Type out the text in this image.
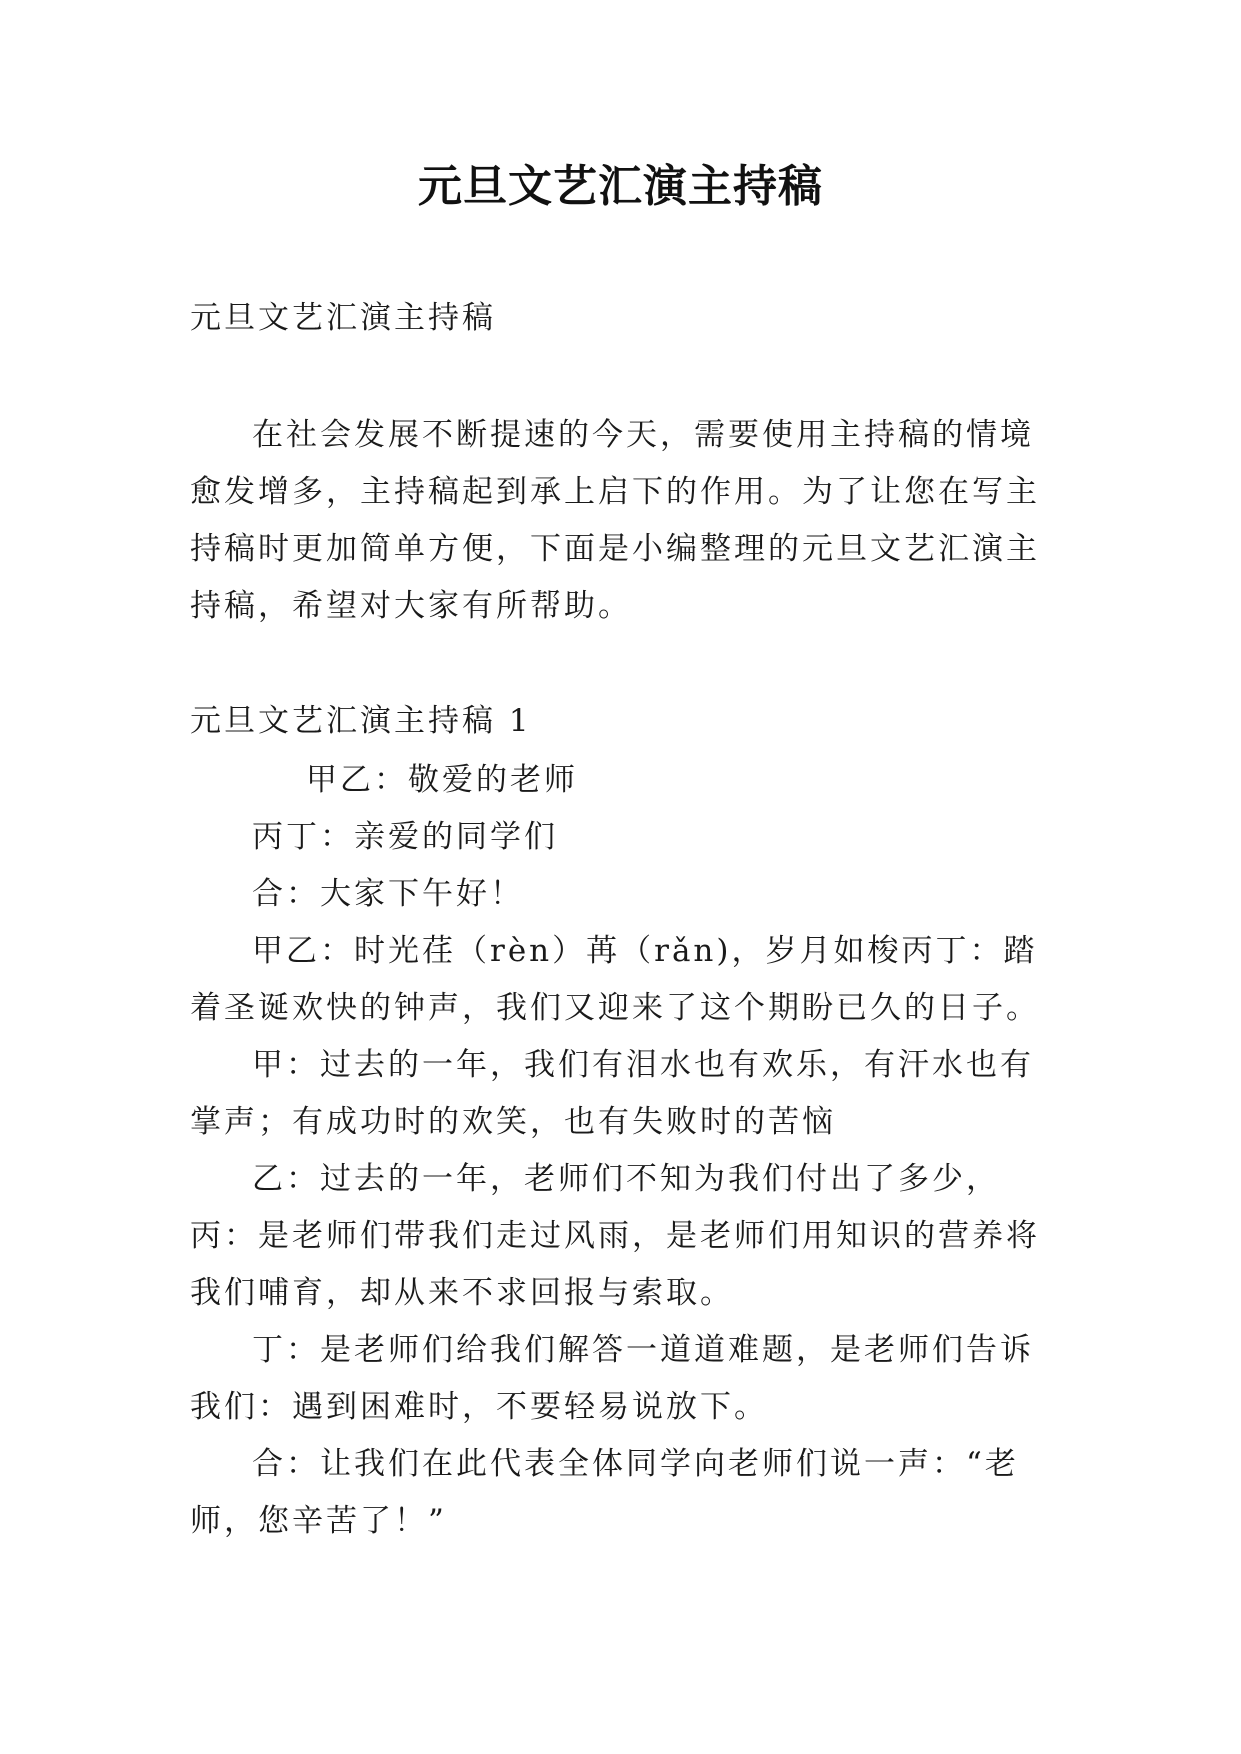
元旦文艺汇演主持稿

元旦文艺汇演主持稿

在社会发展不断提速的今天，需要使用主持稿的情境愈发增多，主持稿起到承上启下的作用。为了让您在写主持稿时更加简单方便，下面是小编整理的元旦文艺汇演主持稿，希望对大家有所帮助。

元旦文艺汇演主持稿 1

甲乙：敬爱的老师

丙丁：亲爱的同学们

合：大家下午好！

甲乙：时光荏（rèn）苒（rǎn)，岁月如梭丙丁：踏着圣诞欢快的钟声，我们又迎来了这个期盼已久的日子。

甲：过去的一年，我们有泪水也有欢乐，有汗水也有掌声；有成功时的欢笑，也有失败时的苦恼

乙：过去的一年，老师们不知为我们付出了多少，丙：是老师们带我们走过风雨，是老师们用知识的营养将我们哺育，却从来不求回报与索取。

丁：是老师们给我们解答一道道难题，是老师们告诉我们：遇到困难时，不要轻易说放下。

合：让我们在此代表全体同学向老师们说一声：“老师，您辛苦了！”
